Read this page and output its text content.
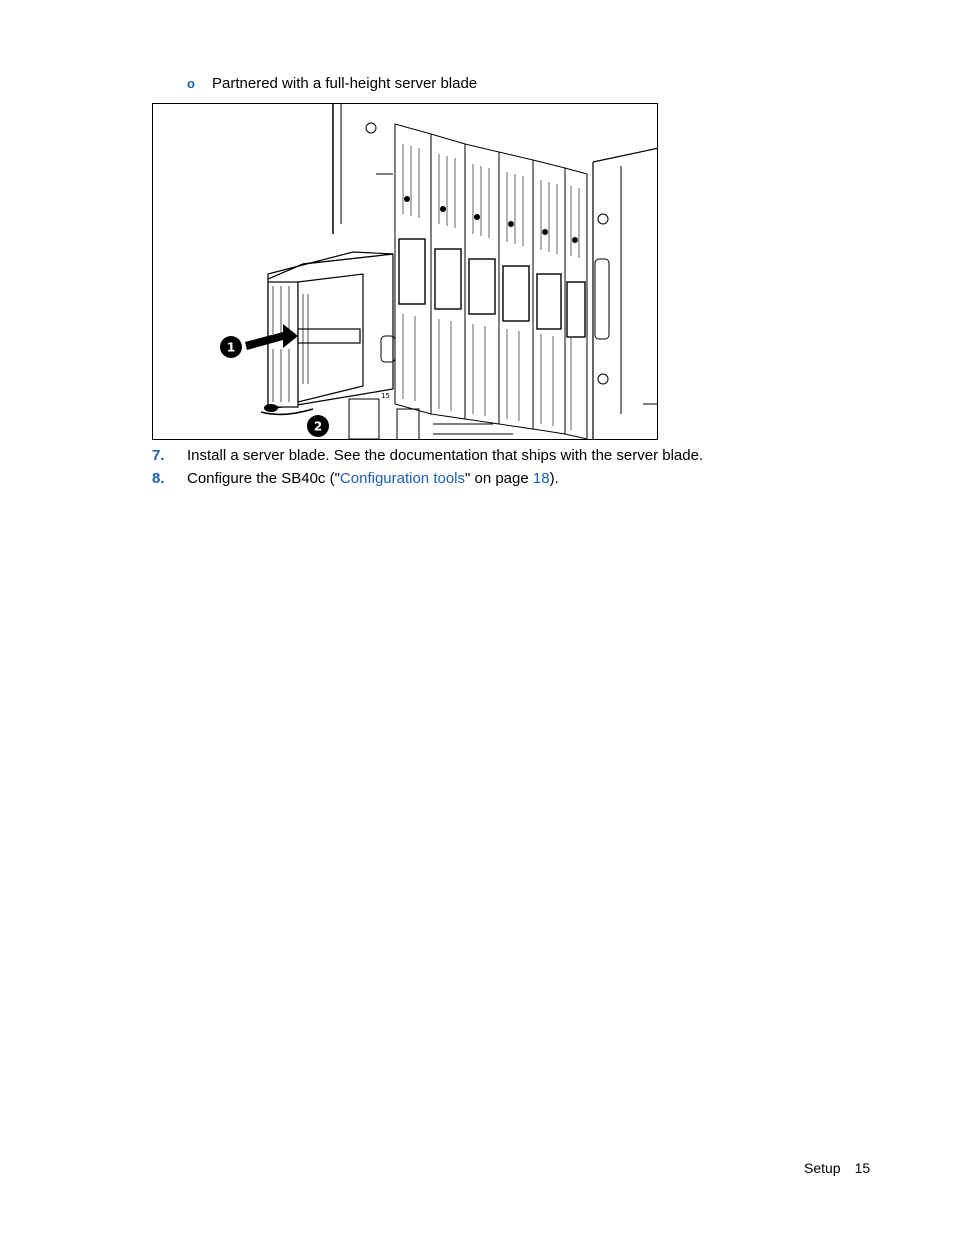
o Partnered with a full-height server blade
15
1
2
7. Install a server blade. See the documentation that ships with the server blade.
8. Configure the SB40c ("Configuration tools" on page 18).
Setup 15
